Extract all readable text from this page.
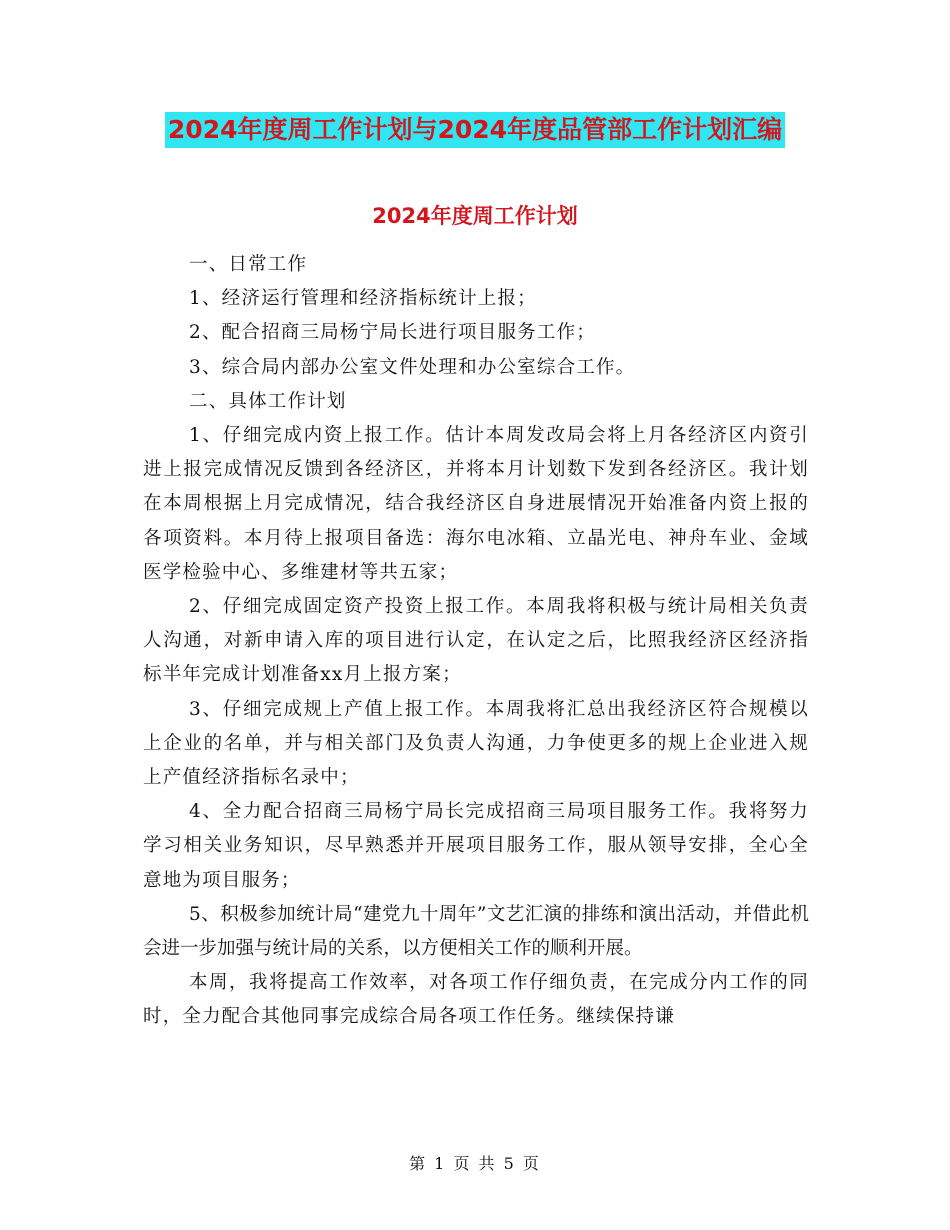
2024年度周工作计划与2024年度品管部工作计划汇编
2024年度周工作计划

一、日常工作

1、经济运行管理和经济指标统计上报；

2、配合招商三局杨宁局长进行项目服务工作；

3、综合局内部办公室文件处理和办公室综合工作。

二、具体工作计划

1、仔细完成内资上报工作。估计本周发改局会将上月各经济区内资引进上报完成情况反馈到各经济区，并将本月计划数下发到各经济区。我计划在本周根据上月完成情况，结合我经济区自身进展情况开始准备内资上报的各项资料。本月待上报项目备选：海尔电冰箱、立晶光电、神舟车业、金域医学检验中心、多维建材等共五家；

2、仔细完成固定资产投资上报工作。本周我将积极与统计局相关负责人沟通，对新申请入库的项目进行认定，在认定之后，比照我经济区经济指标半年完成计划准备xx月上报方案；

3、仔细完成规上产值上报工作。本周我将汇总出我经济区符合规模以上企业的名单，并与相关部门及负责人沟通，力争使更多的规上企业进入规上产值经济指标名录中；

4、全力配合招商三局杨宁局长完成招商三局项目服务工作。我将努力学习相关业务知识，尽早熟悉并开展项目服务工作，服从领导安排，全心全意地为项目服务；

5、积极参加统计局“建党九十周年”文艺汇演的排练和演出活动，并借此机会进一步加强与统计局的关系，以方便相关工作的顺利开展。

本周，我将提高工作效率，对各项工作仔细负责，在完成分内工作的同时，全力配合其他同事完成综合局各项工作任务。继续保持谦

第 1 页 共 5 页
